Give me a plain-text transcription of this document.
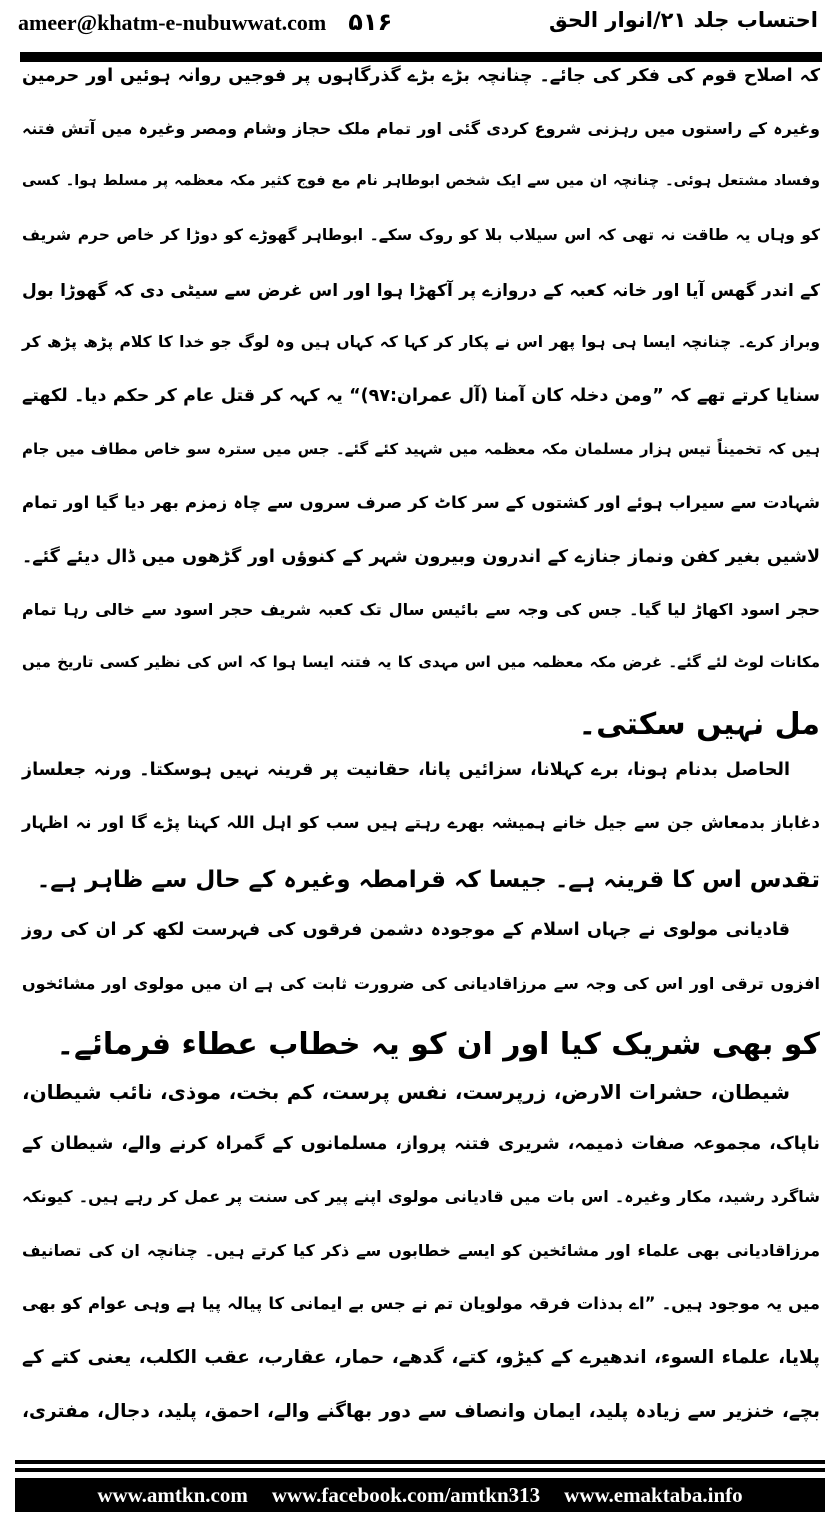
ameer@khatm-e-nubuwwat.com ۵۱۶	احتساب جلد ۲۱/انوار الحق
کہ اصلاح قوم کی فکر کی جائے۔ چنانچہ بڑے بڑے گذرگاہوں پر فوجیں روانہ ہوئیں اور حرمین
وغیرہ کے راستوں میں رہزنی شروع کردی گئی اور تمام ملک حجاز وشام ومصر وغیرہ میں آتش فتنہ
وفساد مشتعل ہوئی۔ چنانچہ ان میں سے ایک شخص ابوطاہر نام مع فوج کثیر مکہ معظمہ پر مسلط ہوا۔ کسی
کو وہاں یہ طاقت نہ تھی کہ اس سیلاب بلا کو روک سکے۔ ابوطاہر گھوڑے کو دوڑا کر خاص حرم شریف
کے اندر گھس آیا اور خانہ کعبہ کے دروازے پر آکھڑا ہوا اور اس غرض سے سیٹی دی کہ گھوڑا بول
وبراز کرے۔ چنانچہ ایسا ہی ہوا پھر اس نے پکار کر کہا کہ کہاں ہیں وہ لوگ جو خدا کا کلام پڑھ پڑھ کر
سنایا کرتے تھے کہ ”ومن دخلہ کان آمنا (آل عمران:۹۷)“ یہ کہہ کر قتل عام کر حکم دیا۔ لکھتے
ہیں کہ تخمیناً تیس ہزار مسلمان مکہ معظمہ میں شہید کئے گئے۔ جس میں سترہ سو خاص مطاف میں جام
شہادت سے سیراب ہوئے اور کشتوں کے سر کاٹ کر صرف سروں سے چاہ زمزم بھر دیا گیا اور تمام
لاشیں بغیر کفن ونماز جنازے کے اندرون وبیرون شہر کے کنوؤں اور گڑھوں میں ڈال دیئے گئے۔
حجر اسود اکھاڑ لیا گیا۔ جس کی وجہ سے بائیس سال تک کعبہ شریف حجر اسود سے خالی رہا تمام
مکانات لوٹ لئے گئے۔ غرض مکہ معظمہ میں اس مہدی کا یہ فتنہ ایسا ہوا کہ اس کی نظیر کسی تاریخ میں
مل نہیں سکتی۔
الحاصل بدنام ہونا، برے کہلانا، سزائیں پانا، حقانیت پر قرینہ نہیں ہوسکتا۔ ورنہ جعلساز
دغاباز بدمعاش جن سے جیل خانے ہمیشہ بھرے رہتے ہیں سب کو اہل اللہ کہنا پڑے گا اور نہ اظہار
تقدس اس کا قرینہ ہے۔ جیسا کہ قرامطہ وغیرہ کے حال سے ظاہر ہے۔
قادیانی مولوی نے جہاں اسلام کے موجودہ دشمن فرقوں کی فہرست لکھ کر ان کی روز
افزوں ترقی اور اس کی وجہ سے مرزاقادیانی کی ضرورت ثابت کی ہے ان میں مولوی اور مشائخوں
کو بھی شریک کیا اور ان کو یہ خطاب عطاء فرمائے۔
شیطان، حشرات الارض، زرپرست، نفس پرست، کم بخت، موذی، نائب شیطان،
ناپاک، مجموعہ صفات ذمیمہ، شریری فتنہ پرواز، مسلمانوں کے گمراہ کرنے والے، شیطان کے
شاگرد رشید، مکار وغیرہ۔ اس بات میں قادیانی مولوی اپنے پیر کی سنت پر عمل کر رہے ہیں۔ کیونکہ
مرزاقادیانی بھی علماء اور مشائخین کو ایسے خطابوں سے ذکر کیا کرتے ہیں۔ چنانچہ ان کی تصانیف
میں یہ موجود ہیں۔ ”اے بدذات فرقہ مولویان تم نے جس بے ایمانی کا پیالہ پیا ہے وہی عوام کو بھی
پلایا، علماء السوء، اندھیرے کے کیڑو، کتے، گدھے، حمار، عقارب، عقب الکلب، یعنی کتے کے
بچے، خنزیر سے زیادہ پلید، ایمان وانصاف سے دور بھاگنے والے، احمق، پلید، دجال، مفتری،
www.amtkn.com www.facebook.com/amtkn313 www.emaktaba.info
